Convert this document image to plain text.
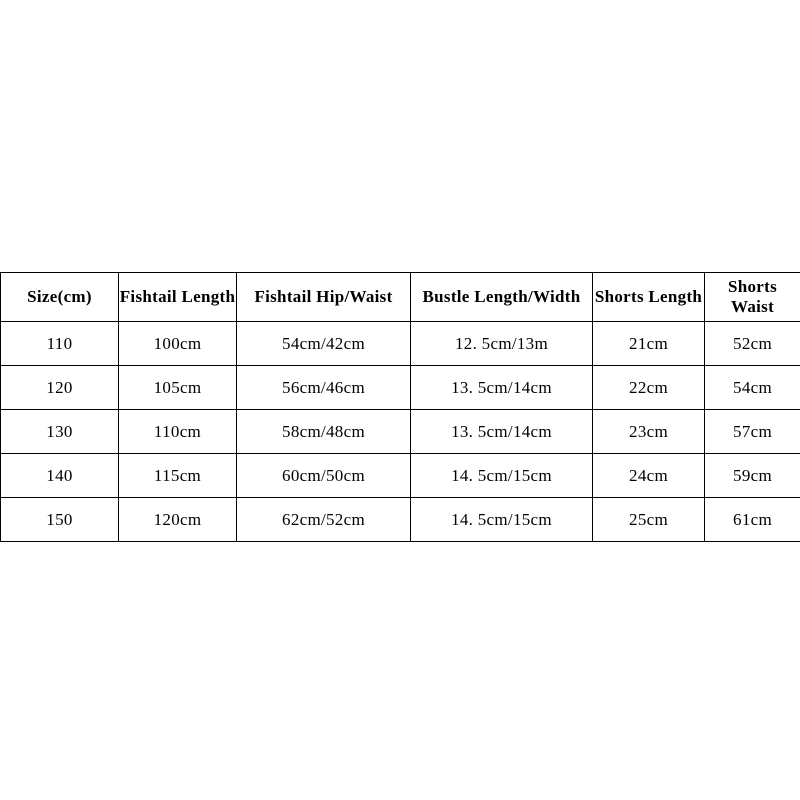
Size(cm)	Fishtail Length	Fishtail Hip/Waist	Bustle Length/Width	Shorts Length	Shorts Waist
110	100cm	54cm/42cm	12. 5cm/13m	21cm	52cm
120	105cm	56cm/46cm	13. 5cm/14cm	22cm	54cm
130	110cm	58cm/48cm	13. 5cm/14cm	23cm	57cm
140	115cm	60cm/50cm	14. 5cm/15cm	24cm	59cm
150	120cm	62cm/52cm	14. 5cm/15cm	25cm	61cm
